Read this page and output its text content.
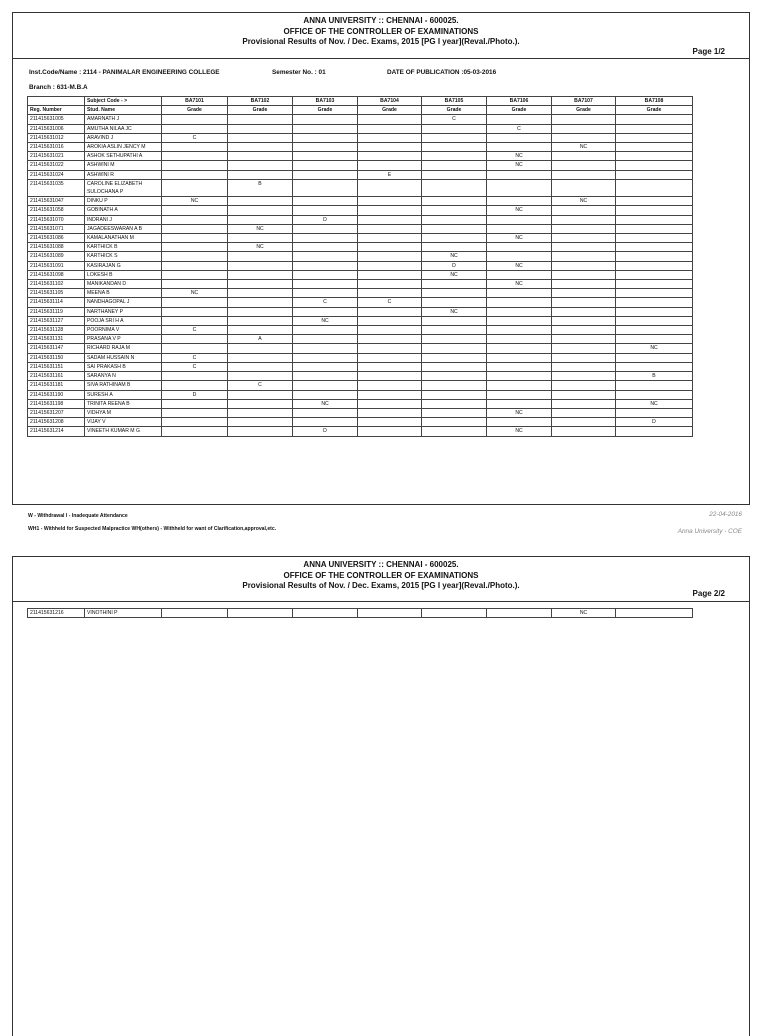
ANNA UNIVERSITY :: CHENNAI - 600025.
OFFICE OF THE CONTROLLER OF EXAMINATIONS
Provisional Results of Nov. / Dec. Exams, 2015 [PG I year](Reval./Photo.).
Page 1/2
Inst.Code/Name : 2114 - PANIMALAR ENGINEERING COLLEGE	Semester No. : 01	DATE OF PUBLICATION :05-03-2016
Branch : 631-M.B.A
	Subject Code - >	BA7101	BA7102	BA7103	BA7104	BA7105	BA7106	BA7107	BA7108
Reg. Number	Stud. Name	Grade	Grade	Grade	Grade	Grade	Grade	Grade	Grade
211415631005	AMARNATH J					C			
211415631006	AMUTHA NILAA JC						C		
211415631012	ARAVIND J	C							
211415631016	AROKIA ASLIN JENCY M							NC	
211415631021	ASHOK SETHUPATHI A						NC		
211415631022	ASHWINI M						NC		
211415631024	ASHWINI R				E				
211415631035	CAROLINE ELIZABETH SULOCHANA P		B						
211415631047	DINKU P	NC						NC	
211415631058	GOBINATH A						NC		
211415631070	INDRANI J			D					
211415631071	JAGADEESWARAN A B		NC						
211415631086	KAMALANATHAN M						NC		
211415631088	KARTHICK B		NC						
211415631089	KARTHICK S					NC			
211415631091	KASIRAJAN G					D	NC		
211415631098	LOKESH B					NC			
211415631102	MANIKANDAN D						NC		
211415631105	MEENA B	NC							
211415631114	NANDHAGOPAL J			C	C				
211415631119	NARTHANEY P					NC			
211415631127	POOJA SRI H A			NC					
211415631128	POORNIMA V	C							
211415631131	PRASANA V P		A						
211415631147	RICHARD RAJA M								NC
211415631150	SADAM HUSSAIN N	C							
211415631151	SAI PRAKASH B	C							
211415631161	SARANYA N								B
211415631181	SIVA RATHINAM B		C						
211415631190	SURESH A	D							
211415631198	TRINITA REENA B			NC					NC
211415631207	VIDHYA M						NC		
211415631208	VIJAY V								D
211415631214	VINEETH KUMAR M G			D			NC		
W - Withdrawal I - Inadequate Attendance
WH1 - Withheld for Suspected Malpractice WH(others) - Withheld for want of Clarification,approval,etc.
22-04-2016
Anna University - COE
ANNA UNIVERSITY :: CHENNAI - 600025.
OFFICE OF THE CONTROLLER OF EXAMINATIONS
Provisional Results of Nov. / Dec. Exams, 2015 [PG I year](Reval./Photo.).
Page 2/2
211415631216	VINOTHINI P							NC	
